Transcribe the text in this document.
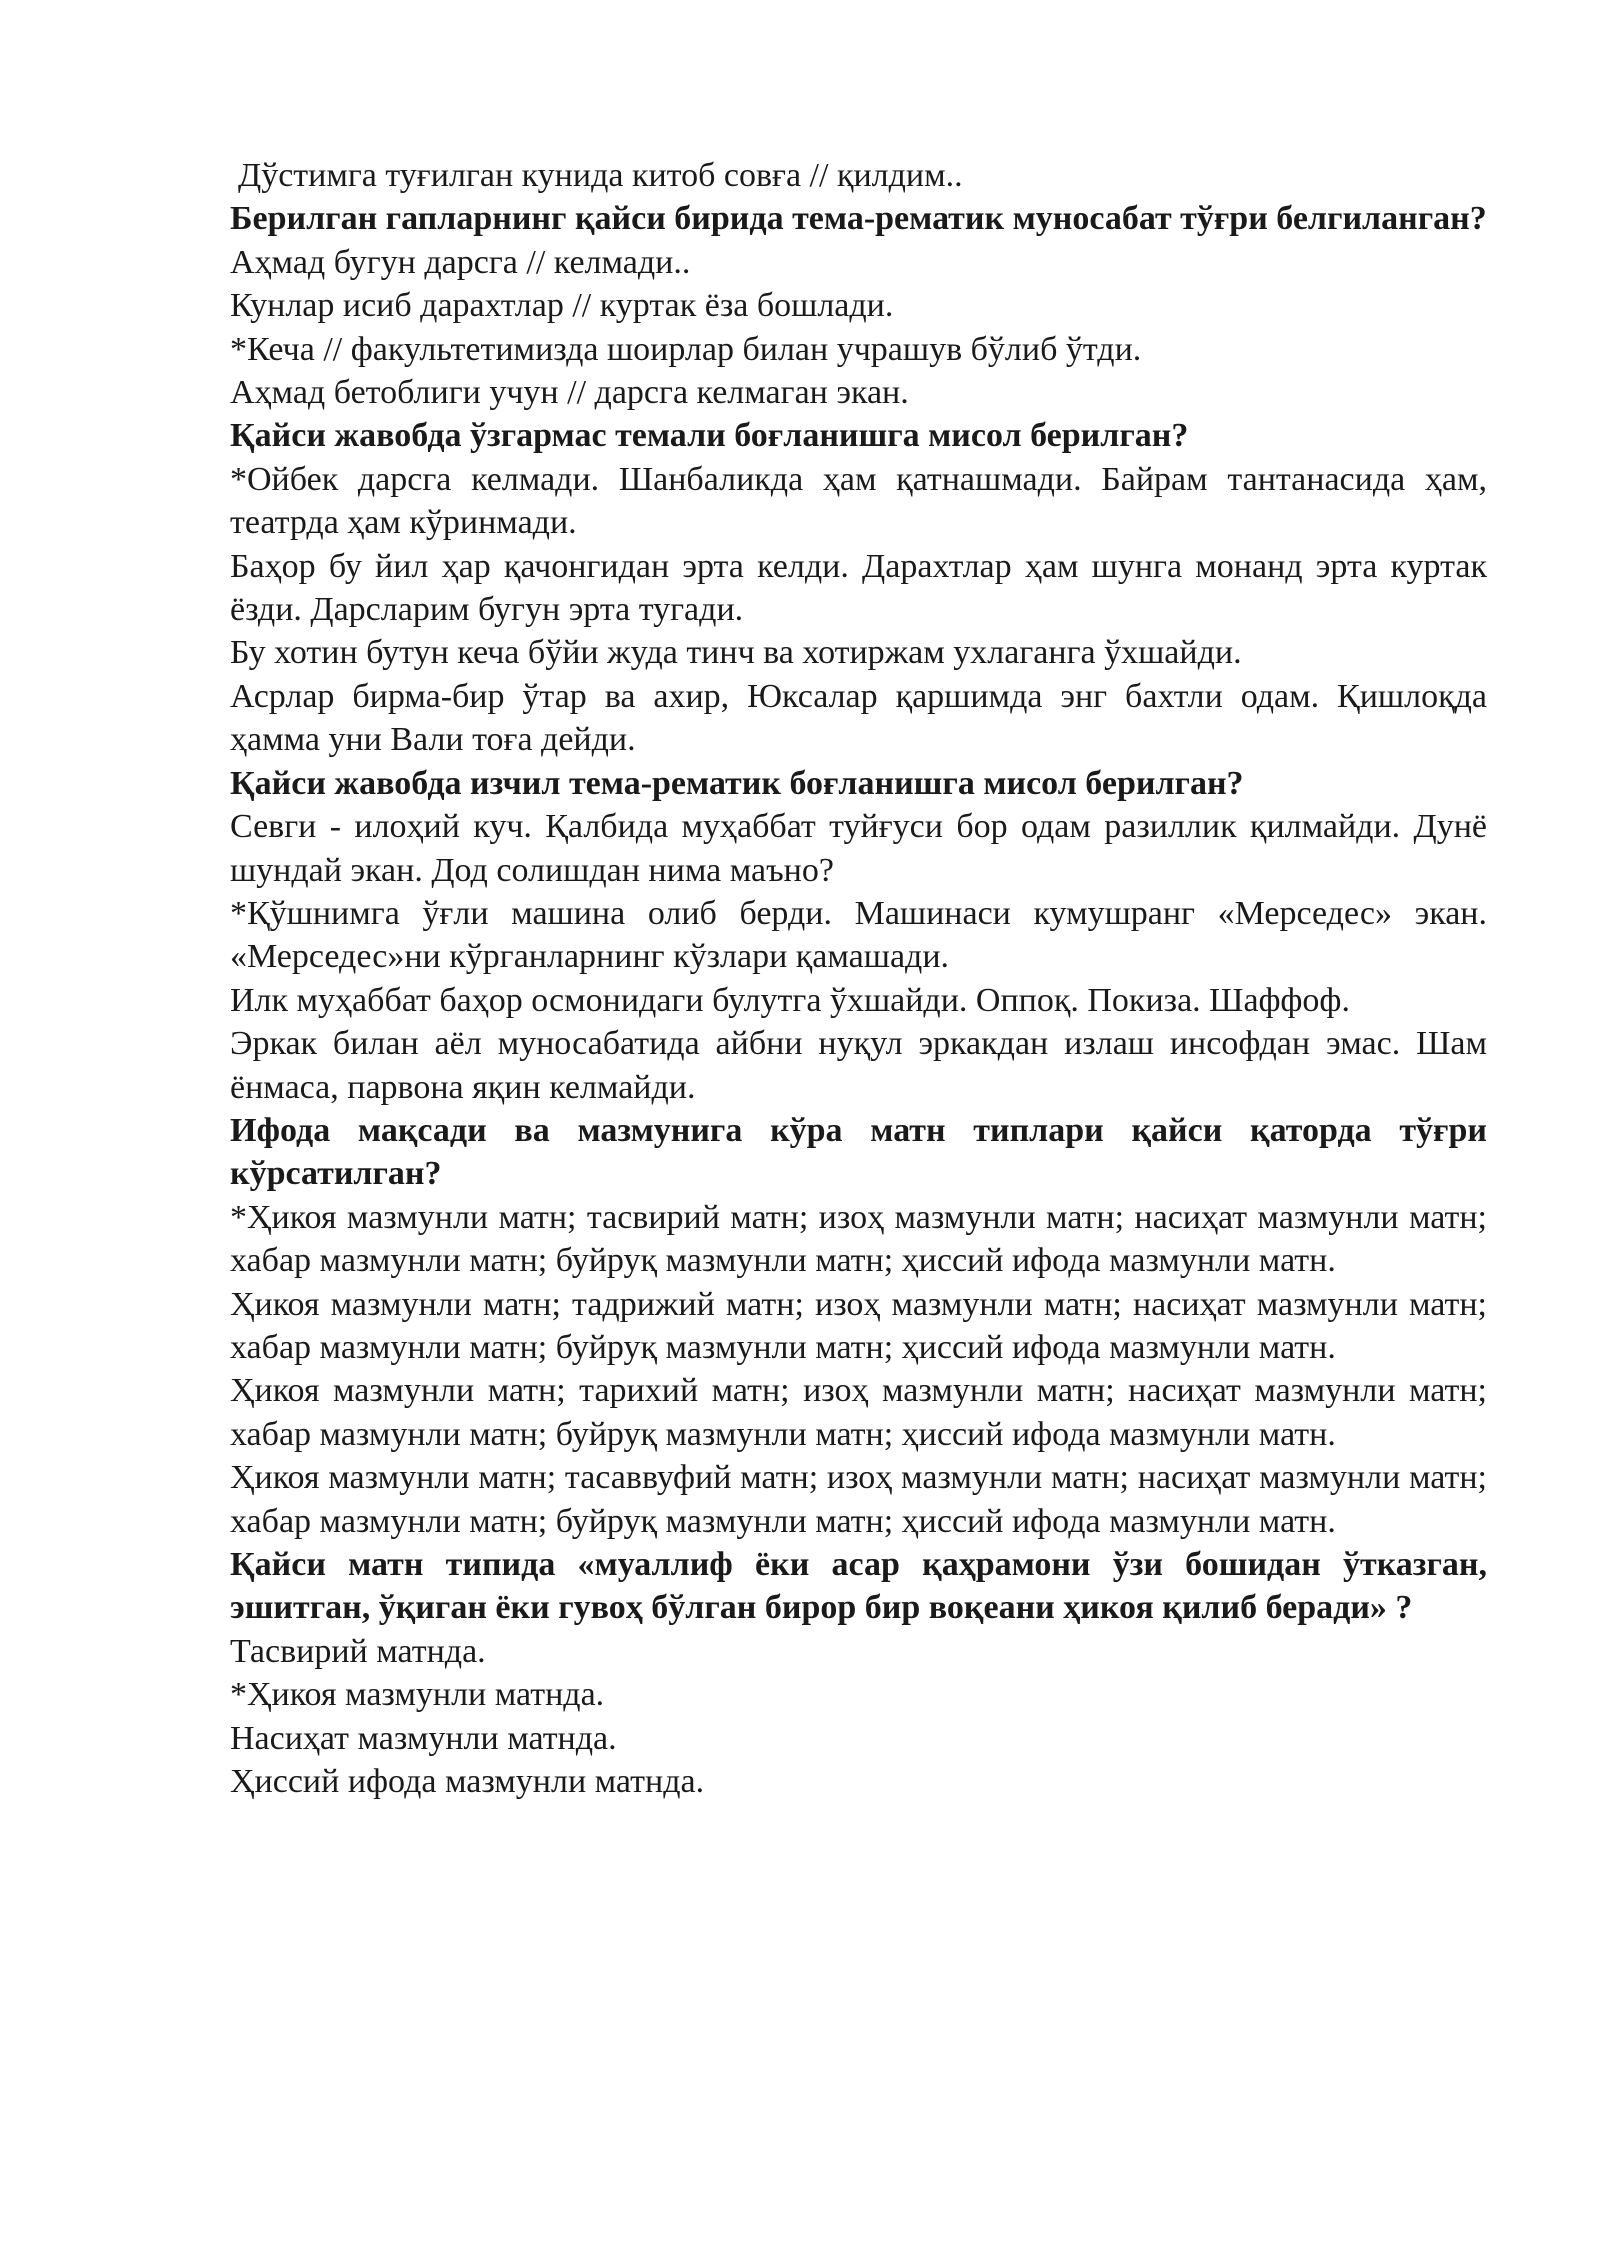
Дўстимга туғилган кунида китоб совға // қилдим..

Берилган гапларнинг қайси бирида тема-рематик муносабат тўғри белгиланган?

Аҳмад бугун дарсга // келмади..

Кунлар исиб дарахтлар // куртак ёза бошлади.

*Кеча // факультетимизда шоирлар билан учрашув бўлиб ўтди.

Аҳмад бетоблиги учун // дарсга келмаган экан.

Қайси жавобда ўзгармас темали боғланишга мисол берилган?

*Ойбек дарсга келмади. Шанбаликда ҳам қатнашмади. Байрам тантанасида ҳам, театрда ҳам кўринмади.

Баҳор бу йил ҳар қачонгидан эрта келди. Дарахтлар ҳам шунга монанд эрта куртак ёзди. Дарсларим бугун эрта тугади.

Бу хотин бутун кеча бўйи жуда тинч ва хотиржам ухлаганга ўхшайди.

Асрлар бирма-бир ўтар ва ахир, Юксалар қаршимда энг бахтли одам. Қишлоқда ҳамма уни Вали тоға дейди.

Қайси жавобда изчил тема-рематик боғланишга мисол берилган?

Севги - илоҳий куч. Қалбида муҳаббат туйғуси бор одам разиллик қилмайди. Дунё шундай экан. Дод солишдан нима маъно?

*Қўшнимга ўғли машина олиб берди. Машинаси кумушранг «Мерседес» экан. «Мерседес»ни кўрганларнинг кўзлари қамашади.

Илк муҳаббат баҳор осмонидаги булутга ўхшайди. Оппоқ. Покиза. Шаффоф.

Эркак билан аёл муносабатида айбни нуқул эркакдан излаш инсофдан эмас. Шам ёнмаса, парвона яқин келмайди.

Ифода мақсади ва мазмунига кўра матн типлари қайси қаторда тўғри кўрсатилган?

*Ҳикоя мазмунли матн; тасвирий матн; изоҳ мазмунли матн; насиҳат мазмунли матн; хабар мазмунли матн; буйруқ мазмунли матн; ҳиссий ифода мазмунли матн.

Ҳикоя мазмунли матн; тадрижий матн; изоҳ мазмунли матн; насиҳат мазмунли матн; хабар мазмунли матн; буйруқ мазмунли матн; ҳиссий ифода мазмунли матн.

Ҳикоя мазмунли матн; тарихий матн; изоҳ мазмунли матн; насиҳат мазмунли матн; хабар мазмунли матн; буйруқ мазмунли матн; ҳиссий ифода мазмунли матн.

Ҳикоя мазмунли матн; тасаввуфий матн; изоҳ мазмунли матн; насиҳат мазмунли матн; хабар мазмунли матн; буйруқ мазмунли матн; ҳиссий ифода мазмунли матн.

Қайси матн типида «муаллиф ёки асар қаҳрамони ўзи бошидан ўтказган, эшитган, ўқиган ёки гувоҳ бўлган бирор бир воқеани ҳикоя қилиб беради» ?

Тасвирий матнда.

*Ҳикоя мазмунли матнда.

Насиҳат мазмунли матнда.

Ҳиссий ифода мазмунли матнда.
